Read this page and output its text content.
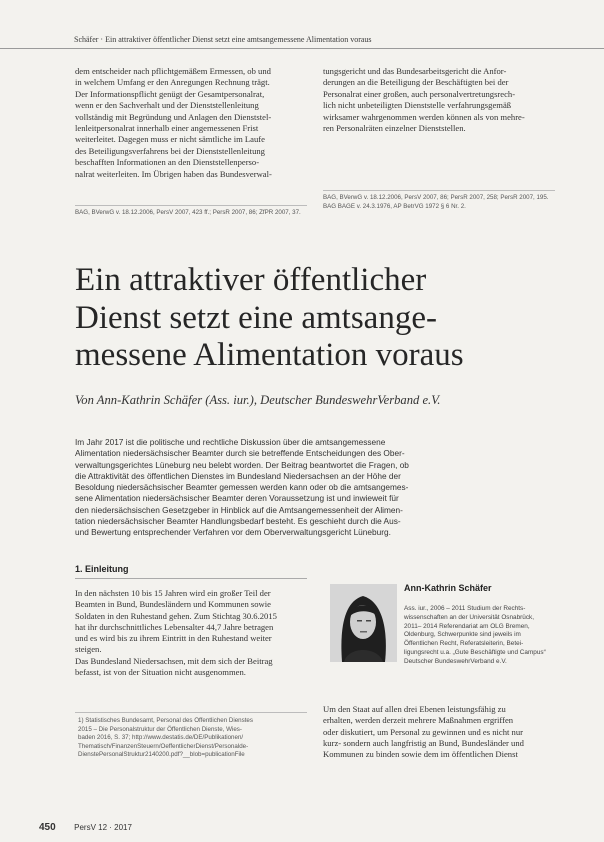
Schäfer · Ein attraktiver öffentlicher Dienst setzt eine amtsangemessene Alimentation voraus
dem entscheider nach pflichtgemäßem Ermessen, ob und
in welchem Umfang er den Anregungen Rechnung trägt.
Der Informationspflicht genügt der Gesamtpersonalrat,
wenn er den Sachverhalt und der Dienststellenleitung
vollständig mit Begründung und Anlagen den Dienststel-
lenleitpersonalrat innerhalb einer angemessenen Frist
weiterleitet. Dagegen muss er nicht sämtliche im Laufe
des Beteiligungsverfahrens bei der Dienststellenleitung
beschafften Informationen an den Dienststellenperso-
nalrat weiterleiten. Im Übrigen haben das Bundesverwal-
tungsgericht und das Bundesarbeitsgericht die Anfor-
derungen an die Beteiligung der Beschäftigten bei der
Personalrat einer großen, auch personalvertretungsrech-
lich nicht unbeteiligten Dienststelle verfahrungsgemäß
wirksamer wahrgenommen werden können als von mehre-
ren Personalräten einzelner Dienststellen.
BAG, BVerwG v. 18.12.2006, PersV 2007, 423 ff.; PersR 2007, 86; ZfPR 2007, 37.
BAG, BVerwG v. 18.12.2006, PersV 2007, 86; PersR 2007, 258; PersR 2007, 195.
BAG BAGE v. 24.3.1976, AP BetrVG 1972 § 6 Nr. 2.
Ein attraktiver öffentlicher
Dienst setzt eine amtsange-
messene Alimentation voraus
Von Ann-Kathrin Schäfer (Ass. iur.), Deutscher BundeswehrVerband e.V.
Im Jahr 2017 ist die politische und rechtliche Diskussion über die amtsangemessene
Alimentation niedersächsischer Beamter durch sie betreffende Entscheidungen des Ober-
verwaltungsgerichtes Lüneburg neu belebt worden. Der Beitrag beantwortet die Fragen, ob
die Attraktivität des öffentlichen Dienstes im Bundesland Niedersachsen an der Höhe der
Besoldung niedersächsischer Beamter gemessen werden kann oder ob die amtsangemes-
sene Alimentation niedersächsischer Beamter deren Voraussetzung ist und inwieweit für
den niedersächsischen Gesetzgeber in Hinblick auf die Amtsangemessenheit der Alimen-
tation niedersächsischer Beamter Handlungsbedarf besteht. Es geschieht durch die Aus-
und Bewertung entsprechender Verfahren vor dem Oberverwaltungsgericht Lüneburg.
1. Einleitung
In den nächsten 10 bis 15 Jahren wird ein großer Teil der
Beamten in Bund, Bundesländern und Kommunen sowie
Soldaten in den Ruhestand gehen. Zum Stichtag 30.6.2015
hat ihr durchschnittliches Lebensalter 44,7 Jahre betragen
und es wird bis zu ihrem Eintritt in den Ruhestand weiter
steigen.
Das Bundesland Niedersachsen, mit dem sich der Beitrag
befasst, ist von der Situation nicht ausgenommen.
Ann-Kathrin Schäfer
Ass. iur., 2006 – 2011 Studium der Rechts-
wissenschaften an der Universität Osnabrück,
2011– 2014 Referendariat am OLG Bremen,
Oldenburg, Schwerpunkte sind jeweils im
Öffentlichen Recht, Referatsleiterin, Betei-
ligungsrecht u.a. „Gute Beschäftigte und Campus“
Deutscher BundeswehrVerband e.V.
1) Statistisches Bundesamt, Personal des Öffentlichen Dienstes
2015 – Die Personalstruktur der Öffentlichen Dienste, Wies-
baden 2016, S. 37; http://www.destatis.de/DE/Publikationen/
Thematisch/FinanzenSteuern/OeffentlicherDienst/Personalde-
DienstePersonalStruktur2140200.pdf?__blob=publicationFile
Um den Staat auf allen drei Ebenen leistungsfähig zu
erhalten, werden derzeit mehrere Maßnahmen ergriffen
oder diskutiert, um Personal zu gewinnen und es nicht nur
kurz- sondern auch langfristig an Bund, Bundesländer und
Kommunen zu binden sowie dem im öffentlichen Dienst
450 PersV 12 · 2017
